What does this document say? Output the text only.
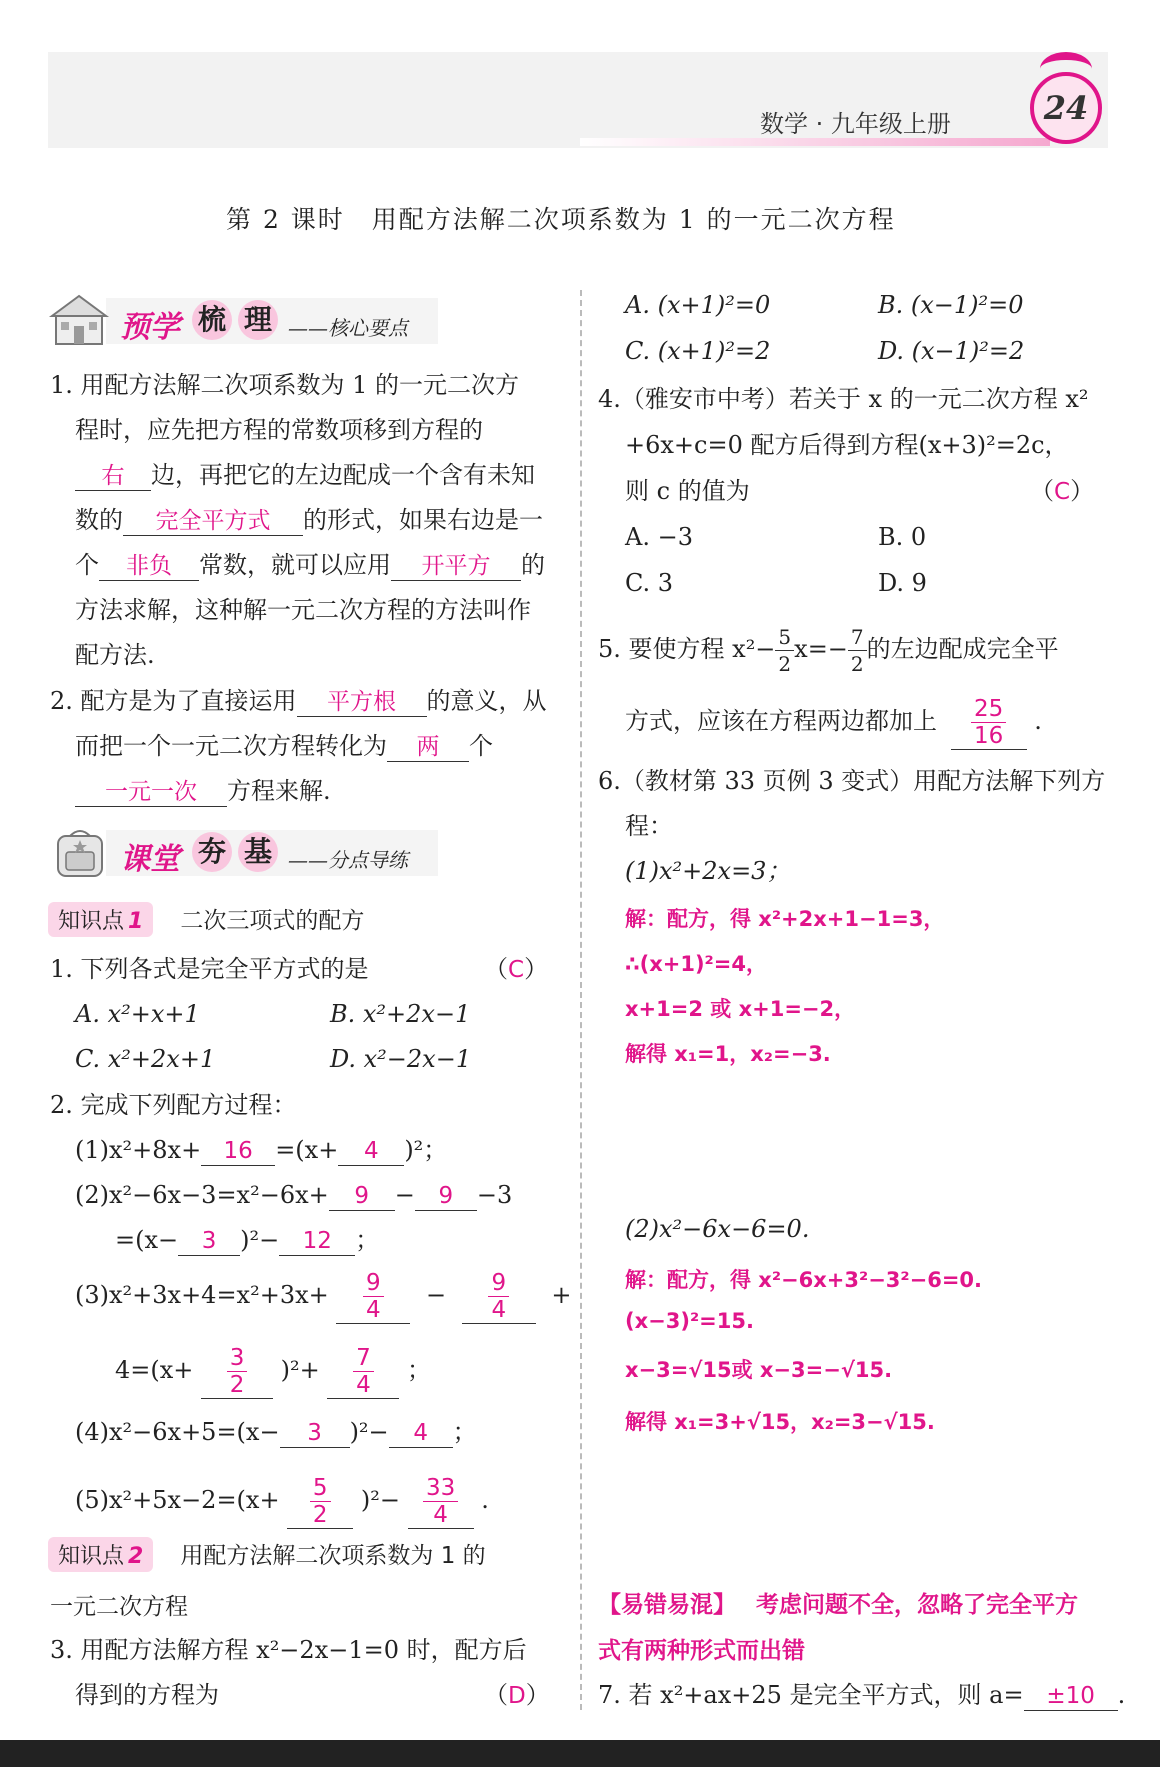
数学 · 九年级上册	24
第 2 课时　用配方法解二次项系数为 1 的一元二次方程
预学 梳 理 ——核心要点
1. 用配方法解二次项系数为 1 的一元二次方
程时，应先把方程的常数项移到方程的
右 边，再把它的左边配成一个含有未知
数的 完全平方式 的形式，如果右边是一
个 非负 常数，就可以应用 开平方 的
方法求解，这种解一元二次方程的方法叫作
配方法.
2. 配方是为了直接运用 平方根 的意义，从
而把一个一元二次方程转化为 两 个
一元一次 方程来解.
课堂 夯 基 ——分点导练
知识点 1 二次三项式的配方
1. 下列各式是完全平方式的是	（C）
A. x²+x+1	B. x²+2x−1
C. x²+2x+1	D. x²−2x−1
2. 完成下列配方过程：
(1)x²+8x+ 16 =(x+ 4 )²；
(2)x²−6x−3=x²−6x+ 9 − 9 −3
=(x− 3 )²− 12 ；
$(3)x^2+3x+4=x^2+3x+ \frac{9}{4} - \frac{9}{4}$ +
$4=(x+ \frac{3}{2} )^2+ \frac{7}{4}$ ；
(4)x²−6x+5=(x− 3 )²− 4 ；
$(5)x^2+5x-2=(x+ \frac{5}{2} )^2- \frac{33}{4}$ .
知识点 2 用配方法解二次项系数为 1 的
一元二次方程
3. 用配方法解方程 x²−2x−1=0 时，配方后
得到的方程为	（D）
A. (x+1)²=0	B. (x−1)²=0
C. (x+1)²=2	D. (x−1)²=2
4.（雅安市中考）若关于 x 的一元二次方程 x²
+6x+c=0 配方后得到方程(x+3)²=2c，
则 c 的值为	（C）
A. −3	B. 0
C. 3	D. 9
5. 要使方程 $x^2- \frac{5}{2} x=- \frac{7}{2}$ 的左边配成完全平
方式，应该在方程两边都加上 $\frac{25}{16}$ .
6.（教材第 33 页例 3 变式）用配方法解下列方
程：
(1)x²+2x=3；
解：配方，得 x²+2x+1−1=3，
∴(x+1)²=4，
x+1=2 或 x+1=−2，
解得 x₁=1，x₂=−3.
(2)x²−6x−6=0.
解：配方，得 x²−6x+3²−3²−6=0.
(x−3)²=15.
x−3=√15或 x−3=−√15.
解得 x₁=3+√15，x₂=3−√15.
【易错易混】 考虑问题不全，忽略了完全平方
式有两种形式而出错
7. 若 x²+ax+25 是完全平方式，则 a= ±10 .
